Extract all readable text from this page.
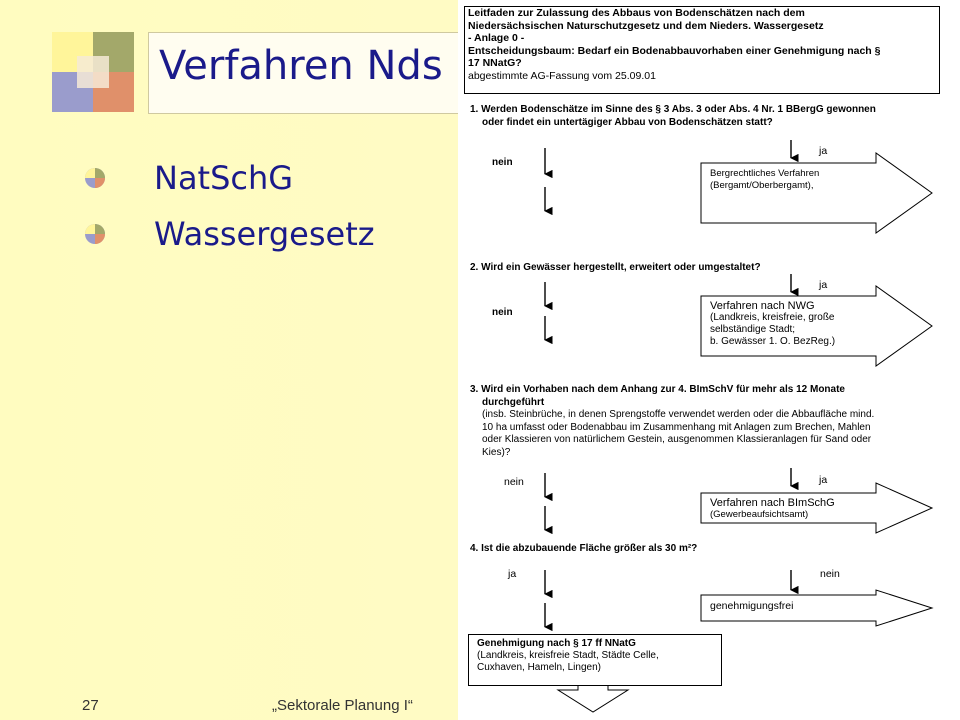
Verfahren Nds
NatSchG
Wassergesetz
27	„Sektorale Planung I“
Leitfaden zur Zulassung des Abbaus von Bodenschätzen nach dem
Niedersächsischen Naturschutzgesetz und dem Nieders. Wassergesetz
- Anlage 0 -
Entscheidungsbaum: Bedarf ein Bodenabbauvorhaben einer Genehmigung nach §
17 NNatG?
abgestimmte AG-Fassung vom 25.09.01
1. Werden Bodenschätze im Sinne des § 3 Abs. 3 oder Abs. 4 Nr. 1 BBergG gewonnen
oder findet ein untertägiger Abbau von Bodenschätzen statt?
nein
ja
Bergrechtliches Verfahren
(Bergamt/Oberbergamt),
2. Wird ein Gewässer hergestellt, erweitert oder umgestaltet?
nein
ja
Verfahren nach NWG
(Landkreis, kreisfreie, große
selbständige Stadt;
b. Gewässer 1. O. BezReg.)
3. Wird ein Vorhaben nach dem Anhang zur 4. BImSchV für mehr als 12 Monate
durchgeführt
(insb. Steinbrüche, in denen Sprengstoffe verwendet werden oder die Abbaufläche mind.
10 ha umfasst oder Bodenabbau im Zusammenhang mit Anlagen zum Brechen, Mahlen
oder Klassieren von natürlichem Gestein, ausgenommen Klassieranlagen für Sand oder
Kies)?
nein	ja
Verfahren nach BImSchG
(Gewerbeaufsichtsamt)
4. Ist die abzubauende Fläche größer als 30 m²?
ja	nein
genehmigungsfrei
Genehmigung nach § 17 ff NNatG
(Landkreis, kreisfreie Stadt, Städte Celle,
Cuxhaven, Hameln, Lingen)
